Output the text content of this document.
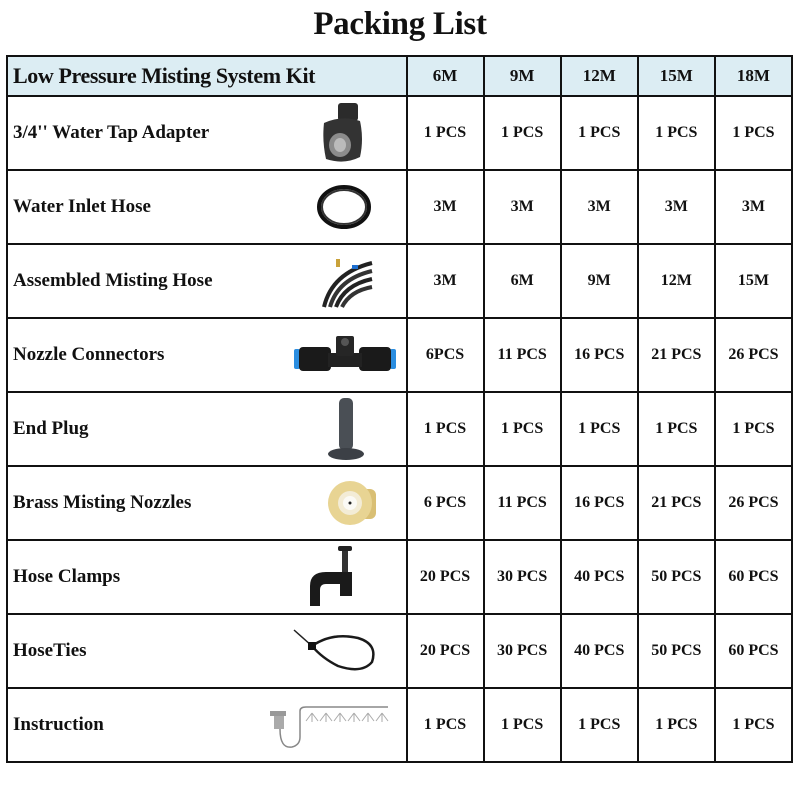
Packing List
Low Pressure Misting System Kit	6M	9M	12M	15M	18M
3/4'' Water Tap Adapter	1 PCS	1 PCS	1 PCS	1 PCS	1 PCS
Water Inlet Hose	3M	3M	3M	3M	3M
Assembled Misting Hose	3M	6M	9M	12M	15M
Nozzle Connectors	6PCS	11 PCS	16 PCS	21 PCS	26 PCS
End Plug	1 PCS	1 PCS	1 PCS	1 PCS	1 PCS
Brass Misting Nozzles	6 PCS	11 PCS	16 PCS	21 PCS	26 PCS
Hose Clamps	20 PCS	30 PCS	40 PCS	50 PCS	60 PCS
HoseTies	20 PCS	30 PCS	40 PCS	50 PCS	60 PCS
Instruction	1 PCS	1 PCS	1 PCS	1 PCS	1 PCS
